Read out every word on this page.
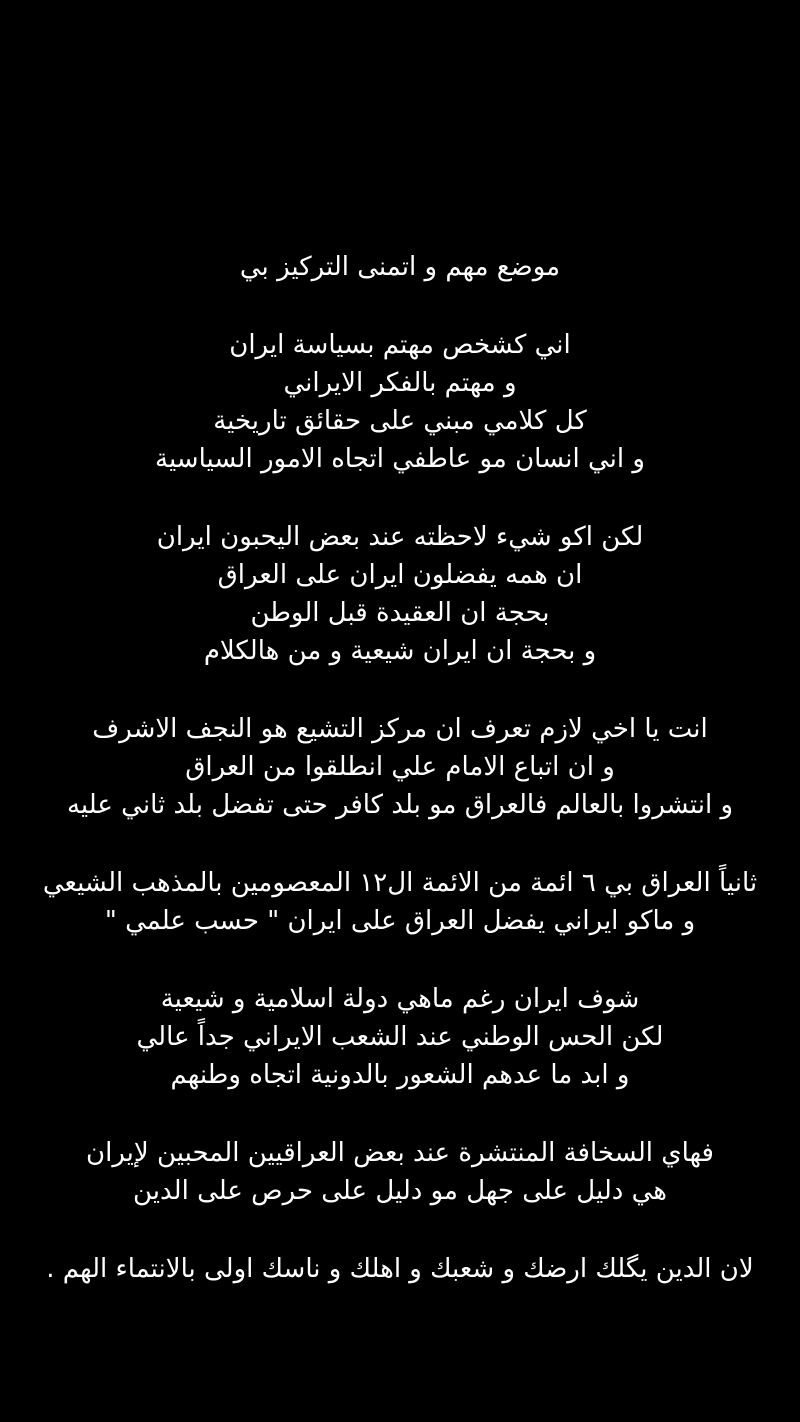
موضع مهم و اتمنى التركيز بي
اني كشخص مهتم بسياسة ايران
و مهتم بالفكر الايراني
كل كلامي مبني على حقائق تاريخية
و اني انسان مو عاطفي اتجاه الامور السياسية
لكن اكو شيء لاحظته عند بعض اليحبون ايران
ان همه يفضلون ايران على العراق
بحجة ان العقيدة قبل الوطن
و بحجة ان ايران شيعية و من هالكلام
انت يا اخي لازم تعرف ان مركز التشيع هو النجف الاشرف
و ان اتباع الامام علي انطلقوا من العراق
و انتشروا بالعالم فالعراق مو بلد كافر حتى تفضل بلد ثاني عليه
ثانياً العراق بي ٦ ائمة من الائمة ال١٢ المعصومين بالمذهب الشيعي
و ماكو ايراني يفضل العراق على ايران " حسب علمي "
شوف ايران رغم ماهي دولة اسلامية و شيعية
لكن الحس الوطني عند الشعب الايراني جداً عالي
و ابد ما عدهم الشعور بالدونية اتجاه وطنهم
فهاي السخافة المنتشرة عند بعض العراقيين المحبين لإيران
هي دليل على جهل مو دليل على حرص على الدين
لان الدين يگلك ارضك و شعبك و اهلك و ناسك اولى بالانتماء الهم .
